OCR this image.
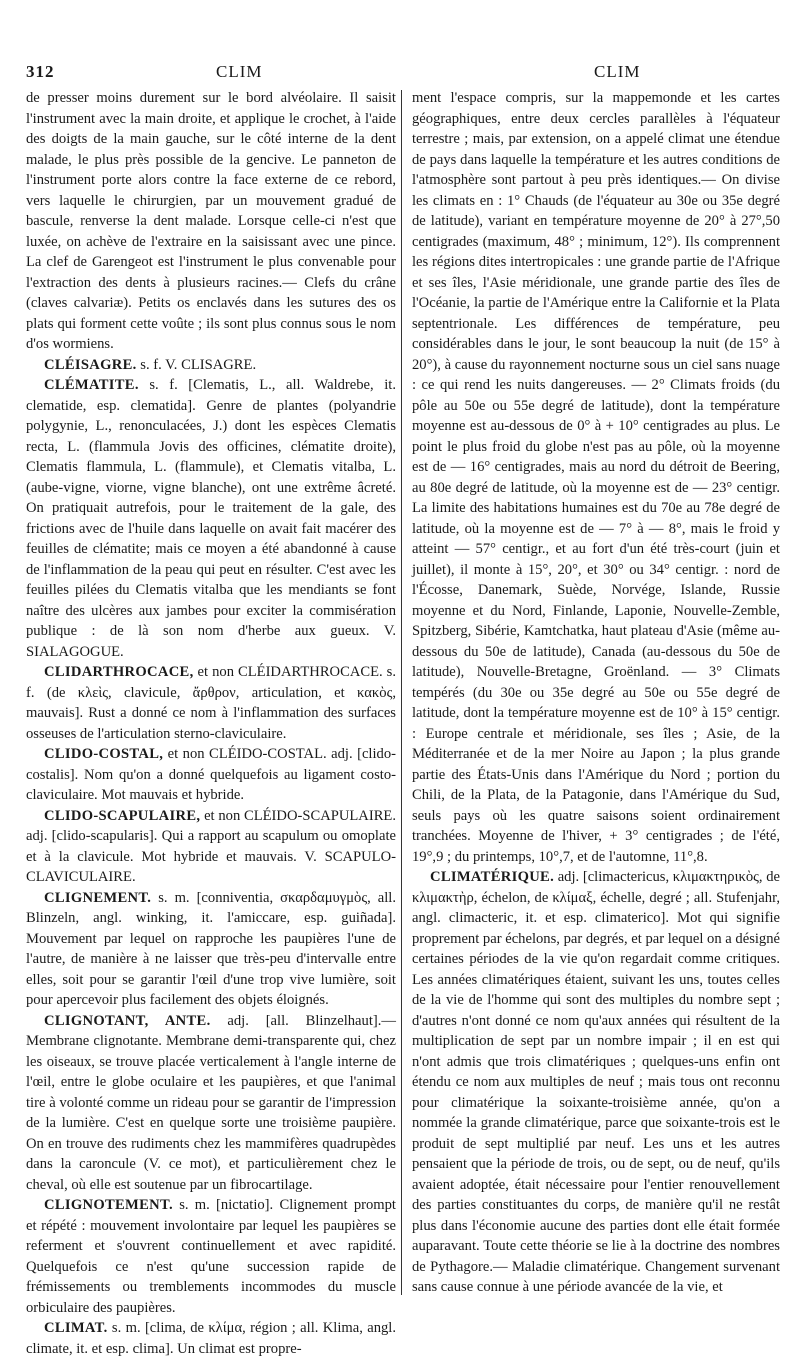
312	CLIM	CLIM

de presser moins durement sur le bord alvéolaire. Il saisit l'instrument avec la main droite, et applique le crochet, à l'aide des doigts de la main gauche, sur le côté interne de la dent malade, le plus près possible de la gencive. Le panneton de l'instrument porte alors contre la face externe de ce rebord, vers laquelle le chirurgien, par un mouvement gradué de bascule, renverse la dent malade. Lorsque celle-ci n'est que luxée, on achève de l'extraire en la saisissant avec une pince. La clef de Garengeot est l'instrument le plus convenable pour l'extraction des dents à plusieurs racines.— Clefs du crâne (claves calvariæ). Petits os enclavés dans les sutures des os plats qui forment cette voûte ; ils sont plus connus sous le nom d'os wormiens.

CLÉISAGRE. s. f. V. CLISAGRE.

CLÉMATITE. s. f. [Clematis, L., all. Waldrebe, it. clematide, esp. clematida]. Genre de plantes (polyandrie polygynie, L., renonculacées, J.) dont les espèces Clematis recta, L. (flammula Jovis des officines, clématite droite), Clematis flammula, L. (flammule), et Clematis vitalba, L. (aube-vigne, viorne, vigne blanche), ont une extrême âcreté. On pratiquait autrefois, pour le traitement de la gale, des frictions avec de l'huile dans laquelle on avait fait macérer des feuilles de clématite; mais ce moyen a été abandonné à cause de l'inflammation de la peau qui peut en résulter. C'est avec les feuilles pilées du Clematis vitalba que les mendiants se font naître des ulcères aux jambes pour exciter la commisération publique : de là son nom d'herbe aux gueux. V. SIALAGOGUE.

CLIDARTHROCACE, et non CLÉIDARTHROCACE. s. f. (de κλεὶς, clavicule, ἄρθρον, articulation, et κακὸς, mauvais]. Rust a donné ce nom à l'inflammation des surfaces osseuses de l'articulation sterno-claviculaire.

CLIDO-COSTAL, et non CLÉIDO-COSTAL. adj. [clido-costalis]. Nom qu'on a donné quelquefois au ligament costo-claviculaire. Mot mauvais et hybride.

CLIDO-SCAPULAIRE, et non CLÉIDO-SCAPULAIRE. adj. [clido-scapularis]. Qui a rapport au scapulum ou omoplate et à la clavicule. Mot hybride et mauvais. V. SCAPULO-CLAVICULAIRE.

CLIGNEMENT. s. m. [conniventia, σκαρδαμυγμὸς, all. Blinzeln, angl. winking, it. l'amiccare, esp. guiñada]. Mouvement par lequel on rapproche les paupières l'une de l'autre, de manière à ne laisser que très-peu d'intervalle entre elles, soit pour se garantir l'œil d'une trop vive lumière, soit pour apercevoir plus facilement des objets éloignés.

CLIGNOTANT, ANTE. adj. [all. Blinzelhaut].— Membrane clignotante. Membrane demi-transparente qui, chez les oiseaux, se trouve placée verticalement à l'angle interne de l'œil, entre le globe oculaire et les paupières, et que l'animal tire à volonté comme un rideau pour se garantir de l'impression de la lumière. C'est en quelque sorte une troisième paupière. On en trouve des rudiments chez les mammifères quadrupèdes dans la caroncule (V. ce mot), et particulièrement chez le cheval, où elle est soutenue par un fibrocartilage.

CLIGNOTEMENT. s. m. [nictatio]. Clignement prompt et répété : mouvement involontaire par lequel les paupières se referment et s'ouvrent continuellement et avec rapidité. Quelquefois ce n'est qu'une succession rapide de frémissements ou tremblements incommodes du muscle orbiculaire des paupières.

CLIMAT. s. m. [clima, de κλίμα, région ; all. Klima, angl. climate, it. et esp. clima]. Un climat est propre-

ment l'espace compris, sur la mappemonde et les cartes géographiques, entre deux cercles parallèles à l'équateur terrestre ; mais, par extension, on a appelé climat une étendue de pays dans laquelle la température et les autres conditions de l'atmosphère sont partout à peu près identiques.— On divise les climats en : 1° Chauds (de l'équateur au 30e ou 35e degré de latitude), variant en température moyenne de 20° à 27°,50 centigrades (maximum, 48° ; minimum, 12°). Ils comprennent les régions dites intertropicales : une grande partie de l'Afrique et ses îles, l'Asie méridionale, une grande partie des îles de l'Océanie, la partie de l'Amérique entre la Californie et la Plata septentrionale. Les différences de température, peu considérables dans le jour, le sont beaucoup la nuit (de 15° à 20°), à cause du rayonnement nocturne sous un ciel sans nuage : ce qui rend les nuits dangereuses. — 2° Climats froids (du pôle au 50e ou 55e degré de latitude), dont la température moyenne est au-dessous de 0° à + 10° centigrades au plus. Le point le plus froid du globe n'est pas au pôle, où la moyenne est de — 16° centigrades, mais au nord du détroit de Beering, au 80e degré de latitude, où la moyenne est de — 23° centigr. La limite des habitations humaines est du 70e au 78e degré de latitude, où la moyenne est de — 7° à — 8°, mais le froid y atteint — 57° centigr., et au fort d'un été très-court (juin et juillet), il monte à 15°, 20°, et 30° ou 34° centigr. : nord de l'Écosse, Danemark, Suède, Norvége, Islande, Russie moyenne et du Nord, Finlande, Laponie, Nouvelle-Zemble, Spitzberg, Sibérie, Kamtchatka, haut plateau d'Asie (même au-dessous du 50e de latitude), Canada (au-dessous du 50e de latitude), Nouvelle-Bretagne, Groënland. — 3° Climats tempérés (du 30e ou 35e degré au 50e ou 55e degré de latitude, dont la température moyenne est de 10° à 15° centigr. : Europe centrale et méridionale, ses îles ; Asie, de la Méditerranée et de la mer Noire au Japon ; la plus grande partie des États-Unis dans l'Amérique du Nord ; portion du Chili, de la Plata, de la Patagonie, dans l'Amérique du Sud, seuls pays où les quatre saisons soient ordinairement tranchées. Moyenne de l'hiver, + 3° centigrades ; de l'été, 19°,9 ; du printemps, 10°,7, et de l'automne, 11°,8.

CLIMATÉRIQUE. adj. [climactericus, κλιμακτηρικὸς, de κλιμακτὴρ, échelon, de κλίμαξ, échelle, degré ; all. Stufenjahr, angl. climacteric, it. et esp. climaterico]. Mot qui signifie proprement par échelons, par degrés, et par lequel on a désigné certaines périodes de la vie qu'on regardait comme critiques. Les années climatériques étaient, suivant les uns, toutes celles de la vie de l'homme qui sont des multiples du nombre sept ; d'autres n'ont donné ce nom qu'aux années qui résultent de la multiplication de sept par un nombre impair ; il en est qui n'ont admis que trois climatériques ; quelques-uns enfin ont étendu ce nom aux multiples de neuf ; mais tous ont reconnu pour climatérique la soixante-troisième année, qu'on a nommée la grande climatérique, parce que soixante-trois est le produit de sept multiplié par neuf. Les uns et les autres pensaient que la période de trois, ou de sept, ou de neuf, qu'ils avaient adoptée, était nécessaire pour l'entier renouvellement des parties constituantes du corps, de manière qu'il ne restât plus dans l'économie aucune des parties dont elle était formée auparavant. Toute cette théorie se lie à la doctrine des nombres de Pythagore.— Maladie climatérique. Changement survenant sans cause connue à une période avancée de la vie, et
